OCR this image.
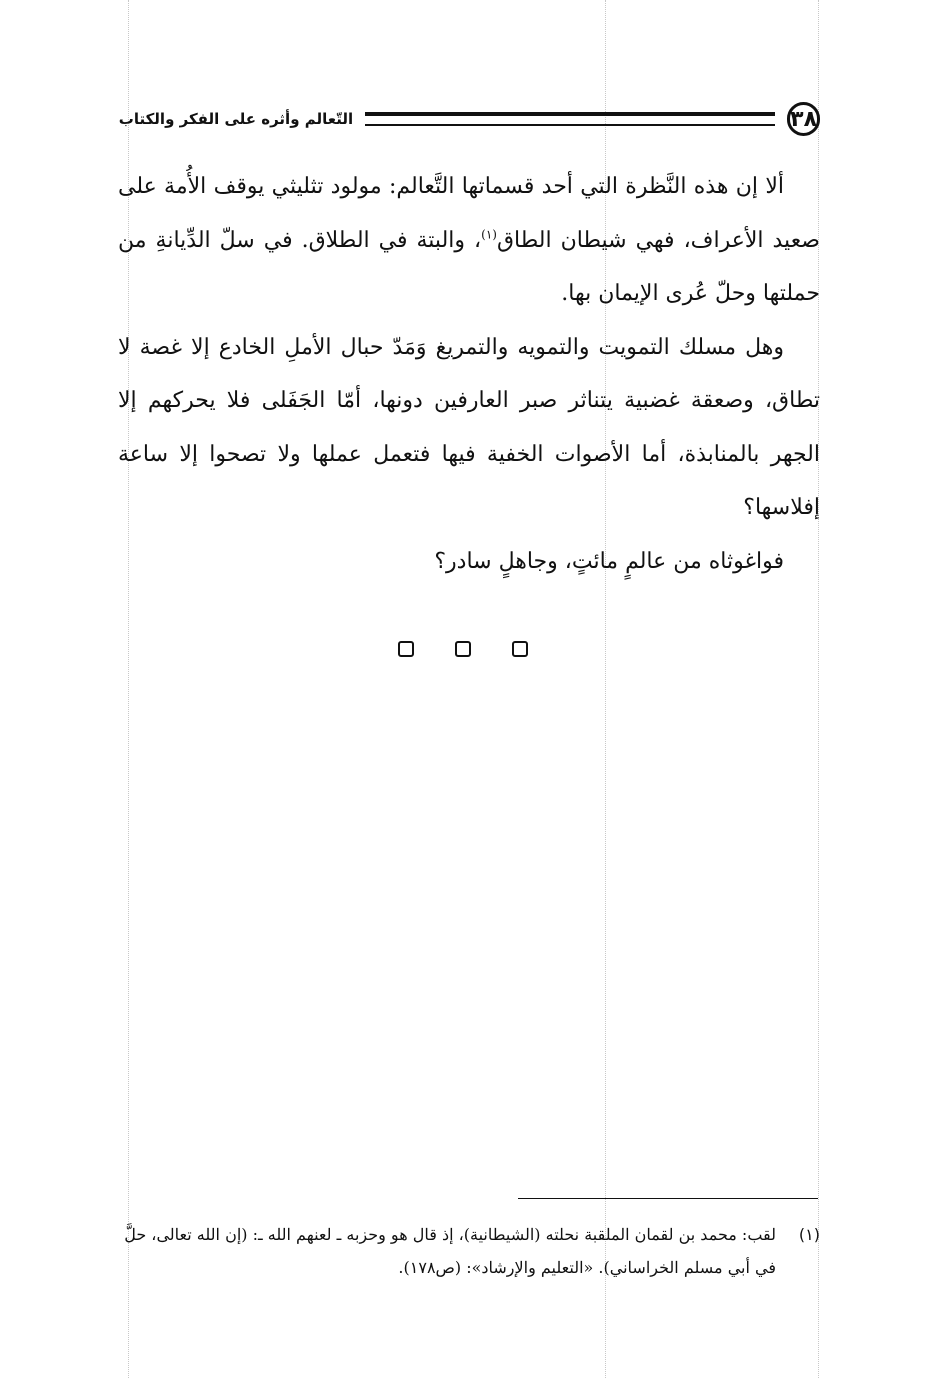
٣٨
التّعالم وأثره على الفكر والكتاب

ألا إن هذه النَّظرة التي أحد قسماتها التَّعالم: مولود تثليثي يوقف الأُمة على صعيد الأعراف، فهي شيطان الطاق$^{(١)}$، والبتة في الطلاق. في سلّ الدِّيانةِ من حملتها وحلّ عُرى الإيمان بها.

وهل مسلك التمويت والتمويه والتمريغ وَمَدّ حبال الأملِ الخادع إلا غصة لا تطاق، وصعقة غضبية يتناثر صبر العارفين دونها، أمّا الجَفَلى فلا يحركهم إلا الجهر بالمنابذة، أما الأصوات الخفية فيها فتعمل عملها ولا تصحوا إلا ساعة إفلاسها؟

فواغوثاه من عالمٍ مائتٍ، وجاهلٍ سادر؟

(١)
لقب: محمد بن لقمان الملقبة نحلته (الشيطانية)، إذ قال هو وحزبه ـ لعنهم الله ـ: (إن الله تعالى، حلَّ في أبي مسلم الخراساني). «التعليم والإرشاد»: (ص١٧٨).
